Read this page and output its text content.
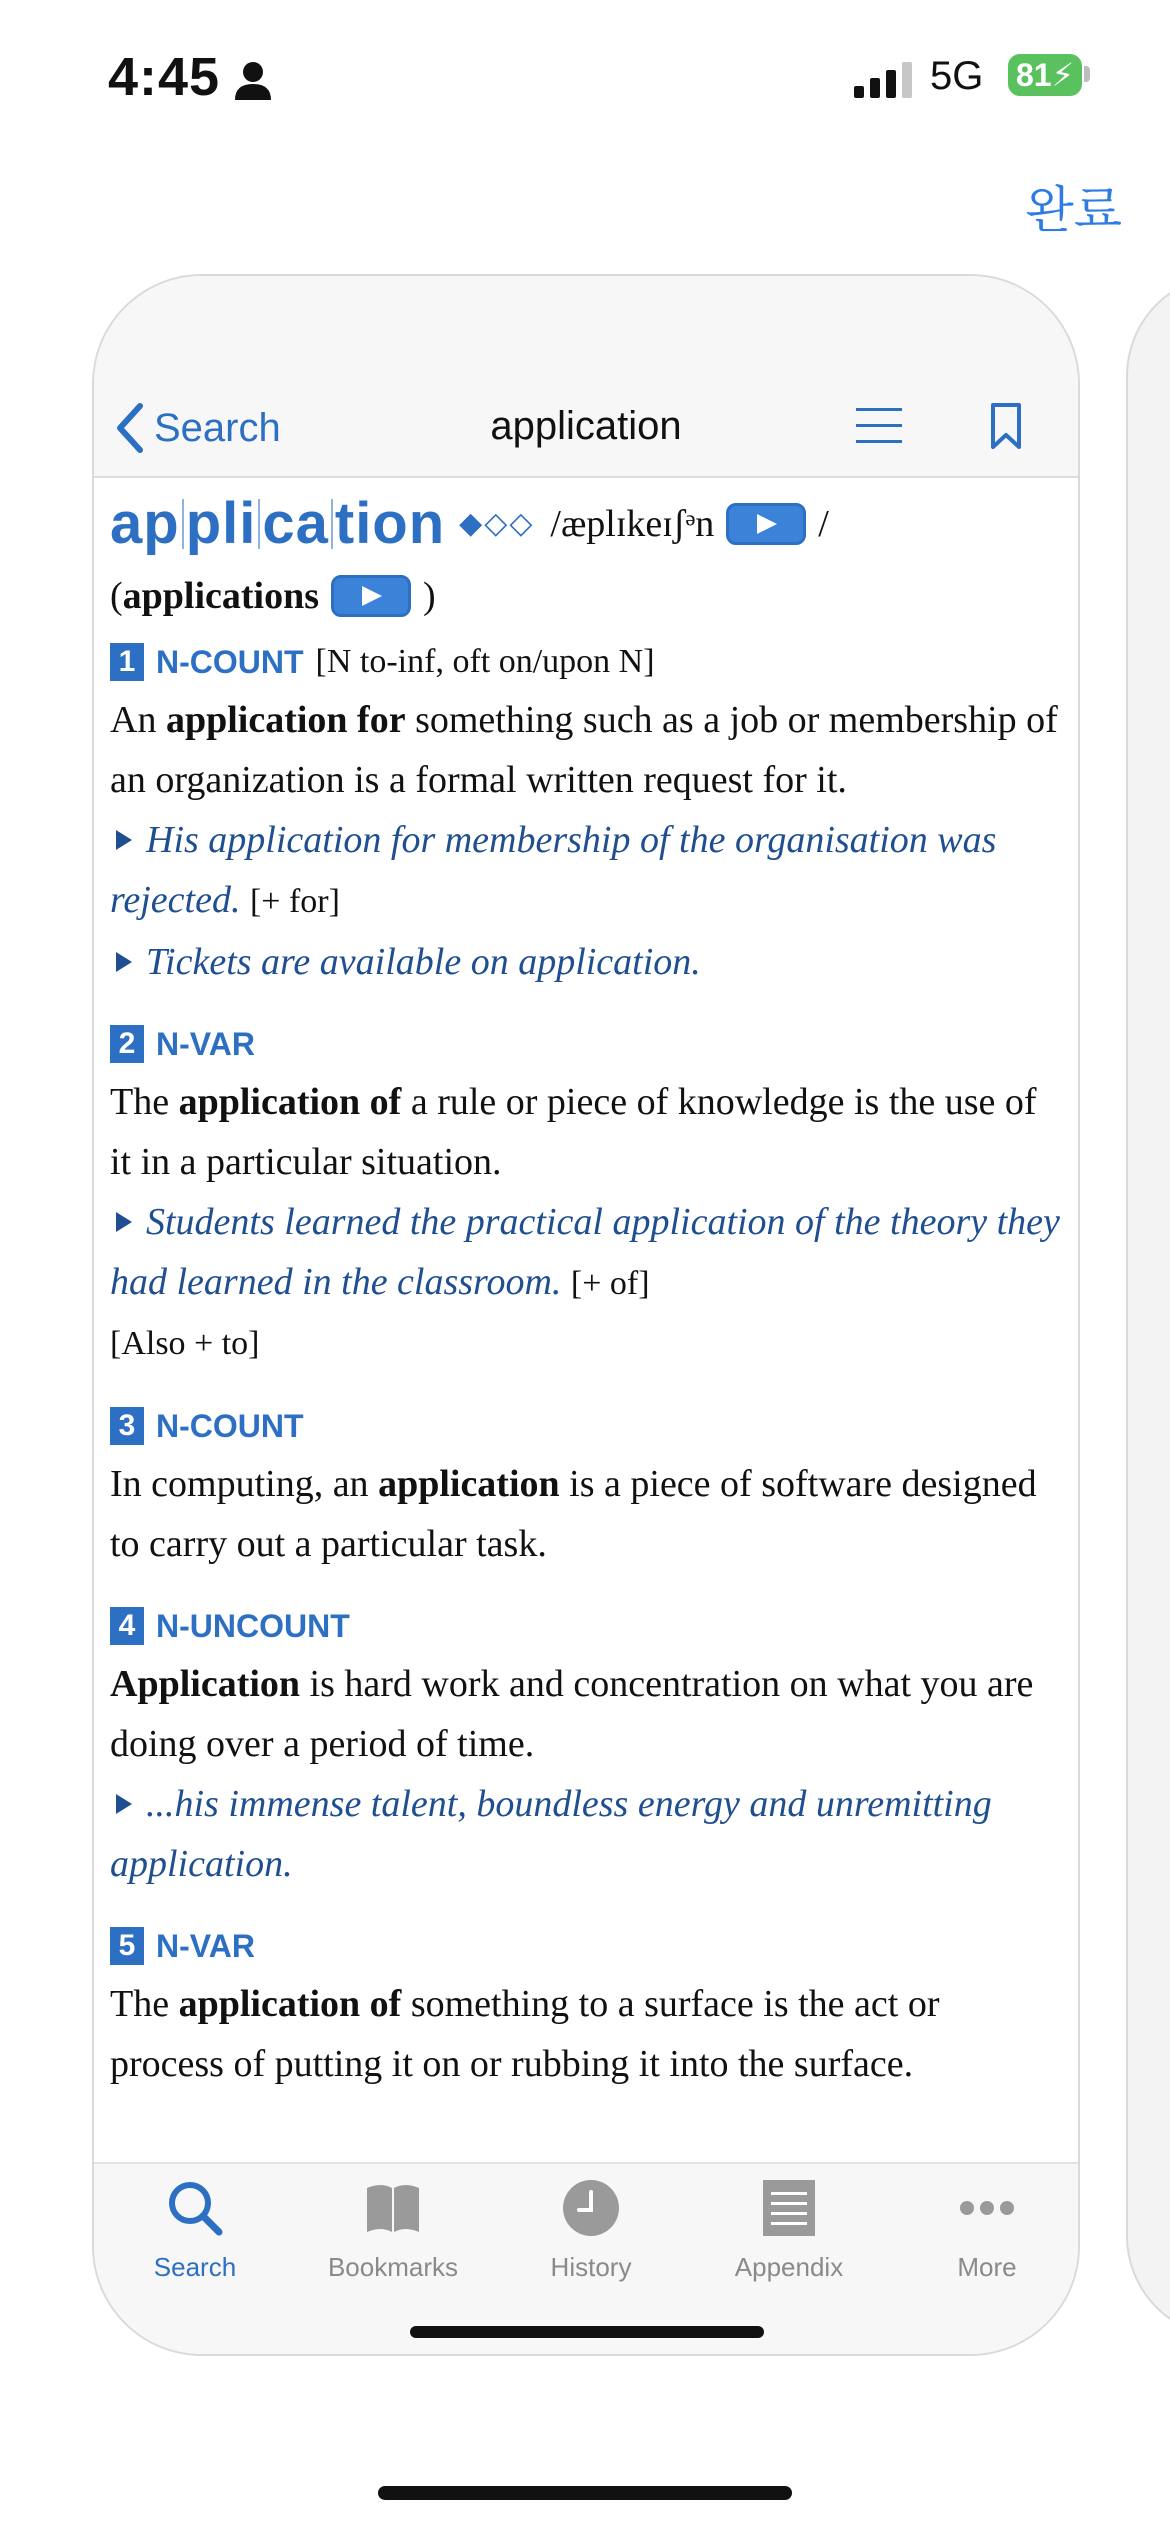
4:45	5G 81⚡
완료
Search	application
ap pli ca tion ◆◇◇ /æplɪkeɪʃᵊn	/
( applications	)
1 N-COUNT [N to-inf, oft on/upon N]

An application for something such as a job or membership of an organization is a formal written request for it.

His application for membership of the organisation was rejected. [+ for]
Tickets are available on application.
2 N-VAR

The application of a rule or piece of knowledge is the use of it in a particular situation.

Students learned the practical application of the theory they had learned in the classroom. [+ of]
[Also + to]
3 N-COUNT

In computing, an application is a piece of software designed to carry out a particular task.

4 N-UNCOUNT

Application is hard work and concentration on what you are doing over a period of time.

...his immense talent, boundless energy and unremitting application.
5 N-VAR

The application of something to a surface is the act or process of putting it on or rubbing it into the surface.

Search	Bookmarks	History	Appendix	More
